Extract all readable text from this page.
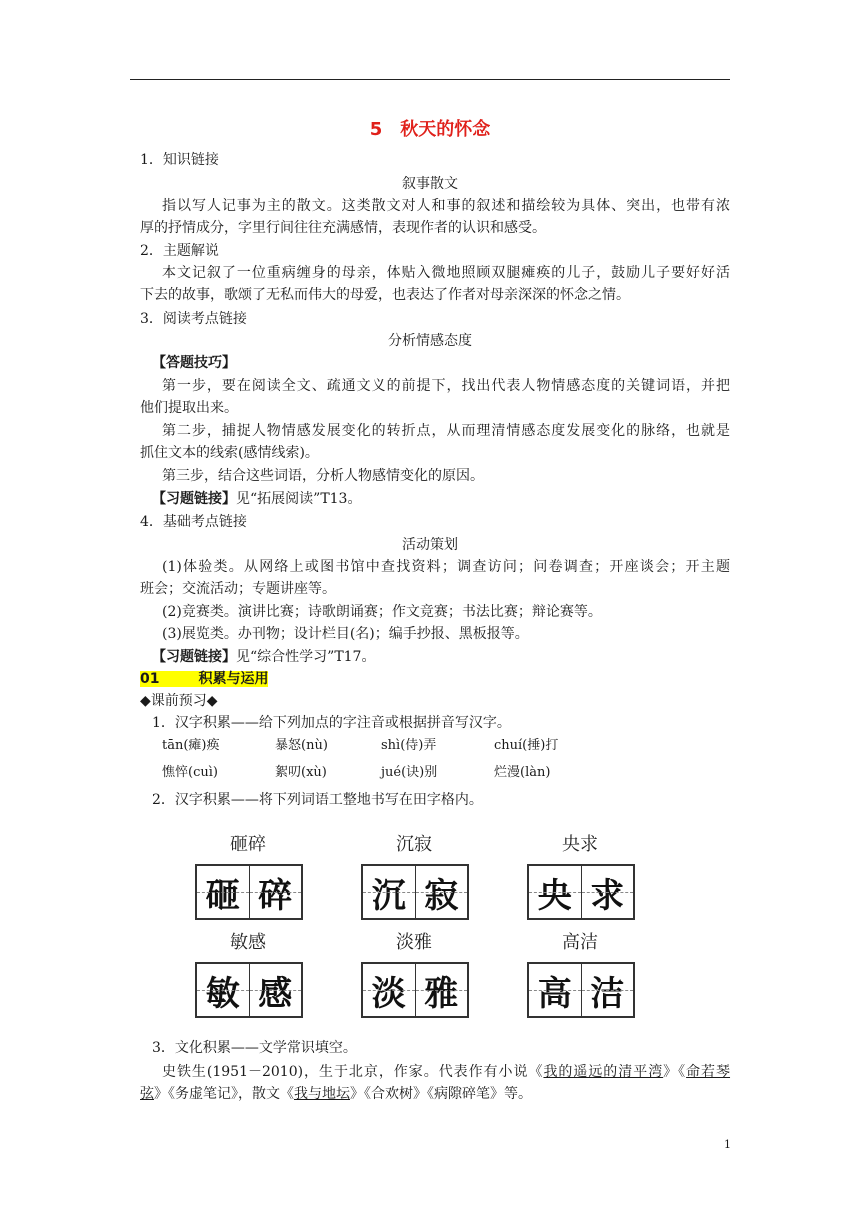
5　秋天的怀念
1．知识链接
叙事散文
指以写人记事为主的散文。这类散文对人和事的叙述和描绘较为具体、突出，也带有浓
厚的抒情成分，字里行间往往充满感情，表现作者的认识和感受。
2．主题解说
本文记叙了一位重病缠身的母亲，体贴入微地照顾双腿瘫痪的儿子，鼓励儿子要好好活
下去的故事，歌颂了无私而伟大的母爱，也表达了作者对母亲深深的怀念之情。
3．阅读考点链接
分析情感态度
【答题技巧】
第一步，要在阅读全文、疏通文义的前提下，找出代表人物情感态度的关键词语，并把
他们提取出来。
第二步，捕捉人物情感发展变化的转折点，从而理清情感态度发展变化的脉络，也就是
抓住文本的线索(感情线索)。
第三步，结合这些词语，分析人物感情变化的原因。
【习题链接】见“拓展阅读”T13。
4．基础考点链接
活动策划
(1)体验类。从网络上或图书馆中查找资料；调查访问；问卷调查；开座谈会；开主题
班会；交流活动；专题讲座等。
(2)竞赛类。演讲比赛；诗歌朗诵赛；作文竞赛；书法比赛；辩论赛等。
(3)展览类。办刊物；设计栏目(名)；编手抄报、黑板报等。
【习题链接】见“综合性学习”T17。
01	积累与运用
◆课前预习◆
1．汉字积累——给下列加点的字注音或根据拼音写汉字。
tān(瘫)痪	暴怒(nù)	shì(侍)弄	chuí(捶)打
憔悴(cuì)	絮叨(xù)	jué(诀)别	烂漫(làn)
2．汉字积累——将下列词语工整地书写在田字格内。
砸碎
砸 碎
沉寂
沉 寂
央求
央 求
敏感
敏 感
淡雅
淡 雅
高洁
高 洁
3．文化积累——文学常识填空。
史铁生(1951－2010)，生于北京，作家。代表作有小说《我的遥远的清平湾》《命若琴
弦》《务虚笔记》，散文《我与地坛》《合欢树》《病隙碎笔》等。
1
